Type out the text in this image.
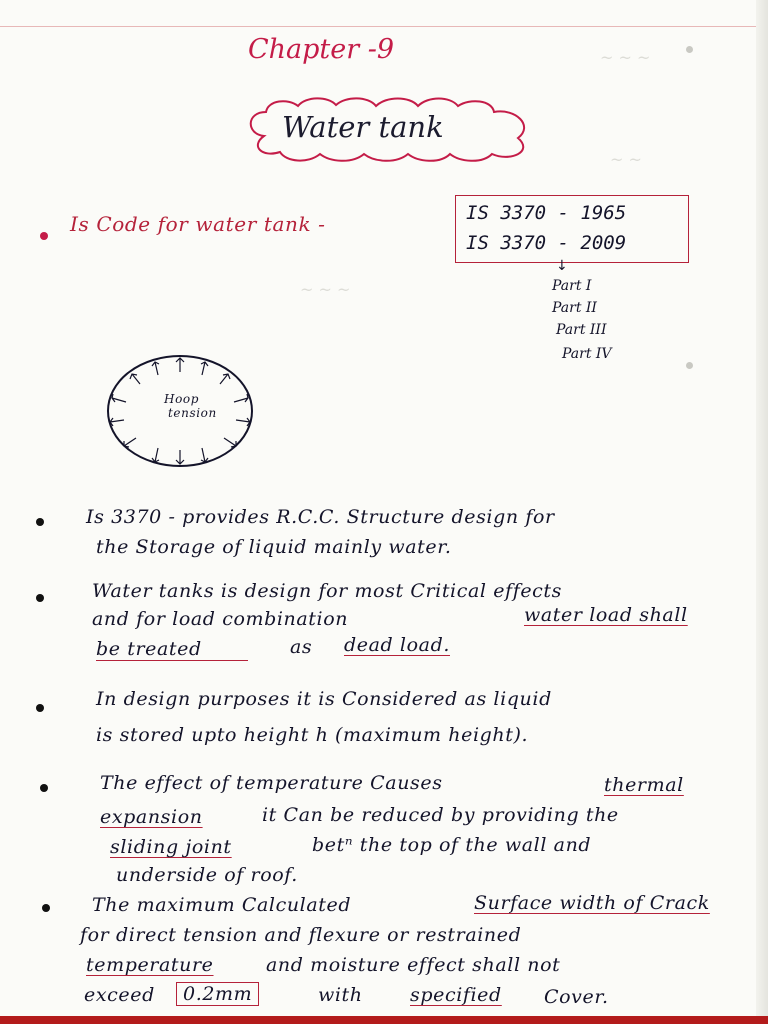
~ ~ ~
~ ~
~ ~ ~
Chapter -9
Water tank
Is Code for water tank -	IS 3370 - 1965
IS 3370 - 2009
↓
Part I
Part II
Part III
Part IV
Hoop
tension
Is 3370 - provides R.C.C. Structure design for
the Storage of liquid mainly water.
Water tanks is design for most Critical effects
and for load combination	water load shall
be treated	as dead load.
In design purposes it is Considered as liquid
is stored upto height h (maximum height).
The effect of temperature Causes	thermal
expansion	it Can be reduced by providing the
sliding joint	betⁿ the top of the wall and
underside of roof.
The maximum Calculated	Surface width of Crack
for direct tension and flexure or restrained
temperature	and moisture effect shall not
exceed	0.2mm	with specified Cover.
